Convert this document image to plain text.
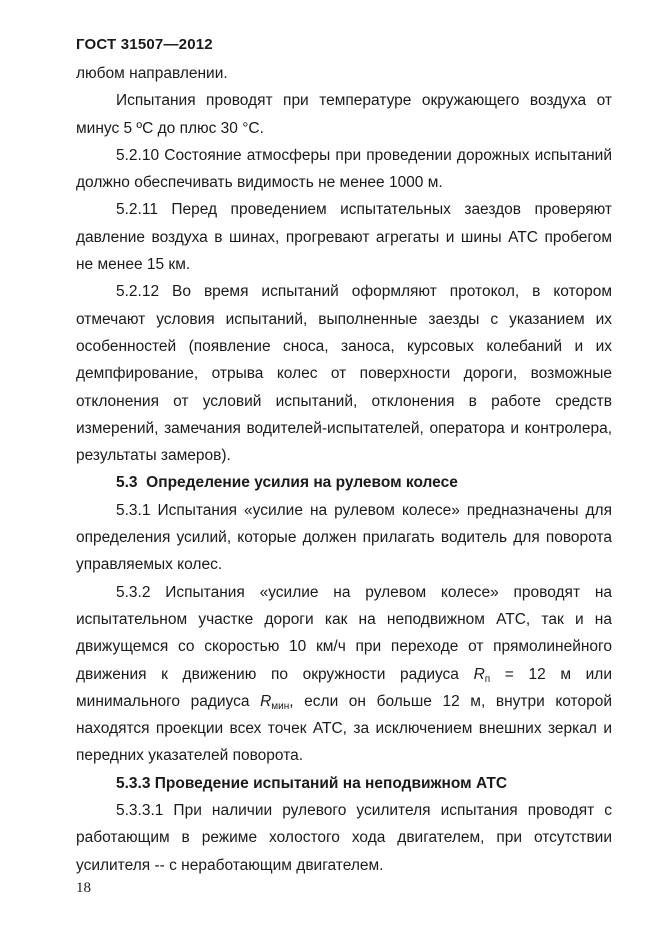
ГОСТ 31507—2012

любом направлении.

Испытания проводят при температуре окружающего воздуха от минус 5 ºС до плюс 30 °С.

5.2.10 Состояние атмосферы при проведении дорожных испытаний должно обеспечивать видимость не менее 1000 м.

5.2.11 Перед проведением испытательных заездов проверяют давление воздуха в шинах, прогревают агрегаты и шины АТС пробегом не менее 15 км.

5.2.12 Во время испытаний оформляют протокол, в котором отмечают условия испытаний, выполненные заезды с указанием их особенностей (появление сноса, заноса, курсовых колебаний и их демпфирование, отрыва колес от поверхности дороги, возможные отклонения от условий испытаний, отклонения в работе средств измерений, замечания водителей-испытателей, оператора и контролера, результаты замеров).

5.3  Определение усилия на рулевом колесе

5.3.1 Испытания «усилие на рулевом колесе» предназначены для определения усилий, которые должен прилагать водитель для поворота управляемых колес.

5.3.2 Испытания «усилие на рулевом колесе» проводят на испытательном участке дороги как на неподвижном АТС, так и на движущемся со скоростью 10 км/ч при переходе от прямолинейного движения к движению по окружности радиуса $R_п = 12$ м или минимального радиуса $R_{мин}$, если он больше 12 м, внутри которой находятся проекции всех точек АТС, за исключением внешних зеркал и передних указателей поворота.

5.3.3 Проведение испытаний на неподвижном АТС

5.3.3.1 При наличии рулевого усилителя испытания проводят с работающим в режиме холостого хода двигателем, при отсутствии усилителя -- с неработающим двигателем.

18
